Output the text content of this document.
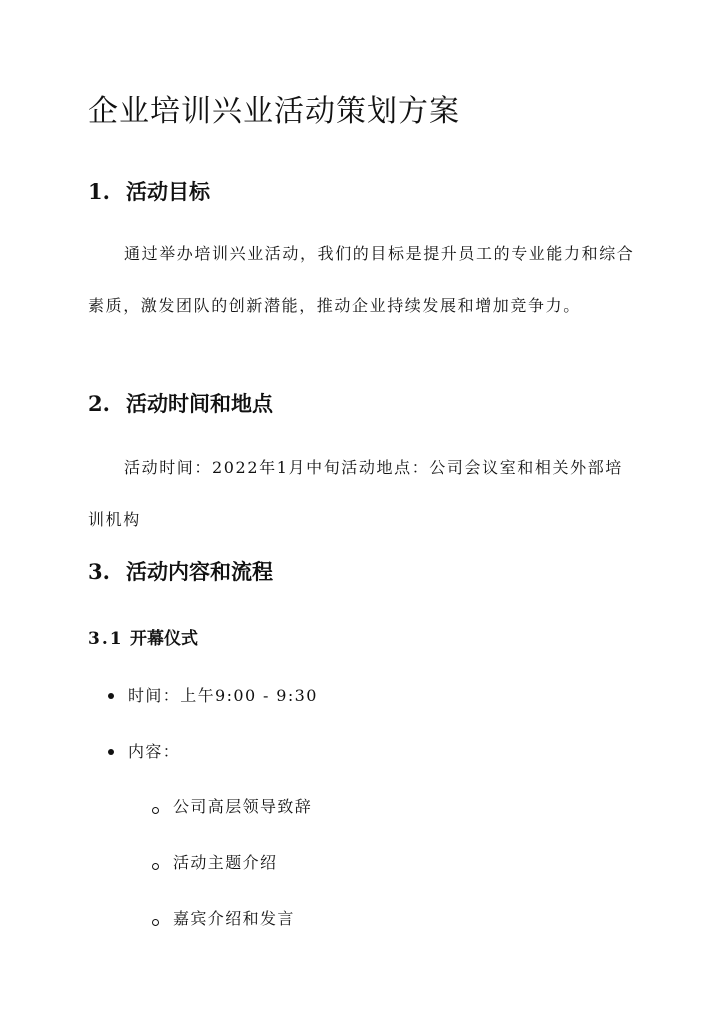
企业培训兴业活动策划方案
1. 活动目标

通过举办培训兴业活动，我们的目标是提升员工的专业能力和综合素质，激发团队的创新潜能，推动企业持续发展和增加竞争力。

2. 活动时间和地点

活动时间：2022年1月中旬活动地点：公司会议室和相关外部培训机构

3. 活动内容和流程
3.1 开幕仪式
时间：上午9:00 - 9:30
内容：
公司高层领导致辞
活动主题介绍
嘉宾介绍和发言
